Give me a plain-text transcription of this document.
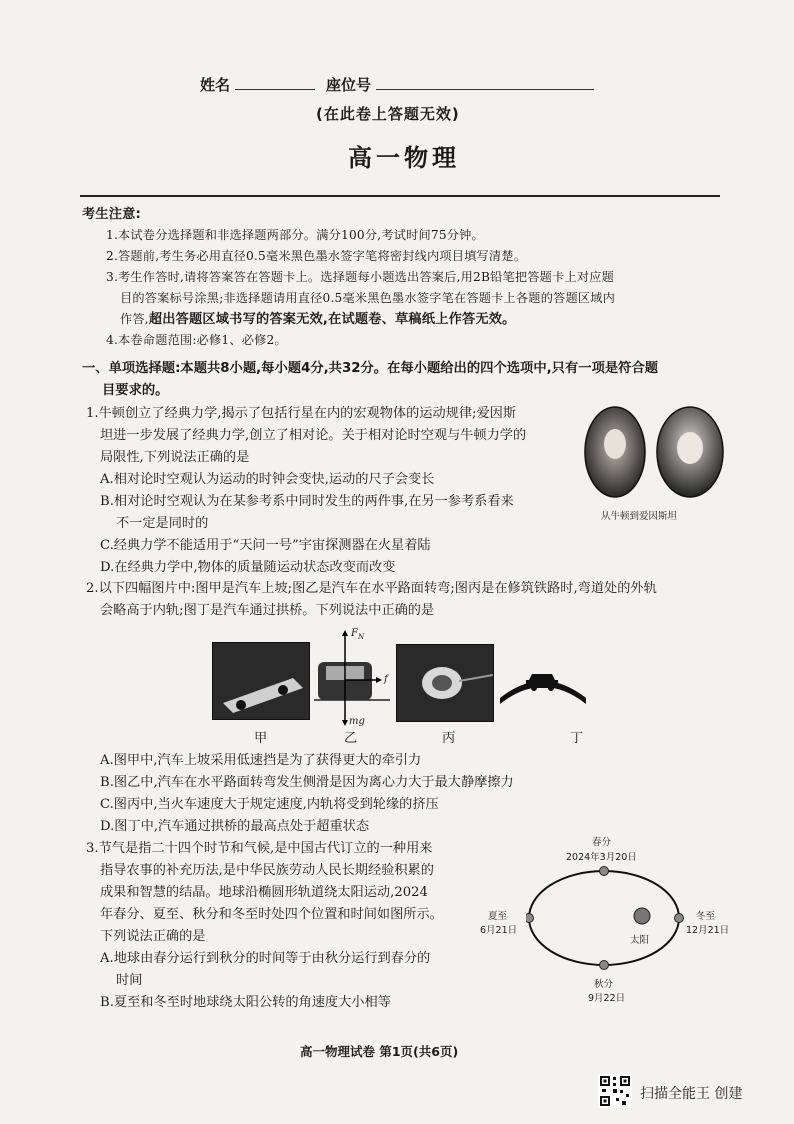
姓名	座位号
(在此卷上答题无效)
高一物理
考生注意:
1.本试卷分选择题和非选择题两部分。满分100分,考试时间75分钟。
2.答题前,考生务必用直径0.5毫米黑色墨水签字笔将密封线内项目填写清楚。
3.考生作答时,请将答案答在答题卡上。选择题每小题选出答案后,用2B铅笔把答题卡上对应题
目的答案标号涂黑;非选择题请用直径0.5毫米黑色墨水签字笔在答题卡上各题的答题区域内
作答,超出答题区域书写的答案无效,在试题卷、草稿纸上作答无效。
4.本卷命题范围:必修1、必修2。
一、单项选择题:本题共8小题,每小题4分,共32分。在每小题给出的四个选项中,只有一项是符合题
目要求的。
1.牛顿创立了经典力学,揭示了包括行星在内的宏观物体的运动规律;爱因斯
坦进一步发展了经典力学,创立了相对论。关于相对论时空观与牛顿力学的
局限性,下列说法正确的是
A.相对论时空观认为运动的时钟会变快,运动的尺子会变长
B.相对论时空观认为在某参考系中同时发生的两件事,在另一参考系看来
不一定是同时的
C.经典力学不能适用于“天问一号”宇宙探测器在火星着陆
D.在经典力学中,物体的质量随运动状态改变而改变
从牛顿到爱因斯坦
2.以下四幅图片中:图甲是汽车上坡;图乙是汽车在水平路面转弯;图丙是在修筑铁路时,弯道处的外轨
会略高于内轨;图丁是汽车通过拱桥。下列说法中正确的是
$F_N$
f
mg
甲	乙	丙	丁
A.图甲中,汽车上坡采用低速挡是为了获得更大的牵引力
B.图乙中,汽车在水平路面转弯发生侧滑是因为离心力大于最大静摩擦力
C.图丙中,当火车速度大于规定速度,内轨将受到轮缘的挤压
D.图丁中,汽车通过拱桥的最高点处于超重状态
3.节气是指二十四个时节和气候,是中国古代订立的一种用来
指导农事的补充历法,是中华民族劳动人民长期经验积累的
成果和智慧的结晶。地球沿椭圆形轨道绕太阳运动,2024
年春分、夏至、秋分和冬至时处四个位置和时间如图所示。
下列说法正确的是
A.地球由春分运行到秋分的时间等于由秋分运行到春分的
时间
B.夏至和冬至时地球绕太阳公转的角速度大小相等
春分
2024年3月20日
夏至
6月21日
冬至
12月21日
太阳
秋分
9月22日
高一物理试卷 第1页(共6页)
扫描全能王 创建
